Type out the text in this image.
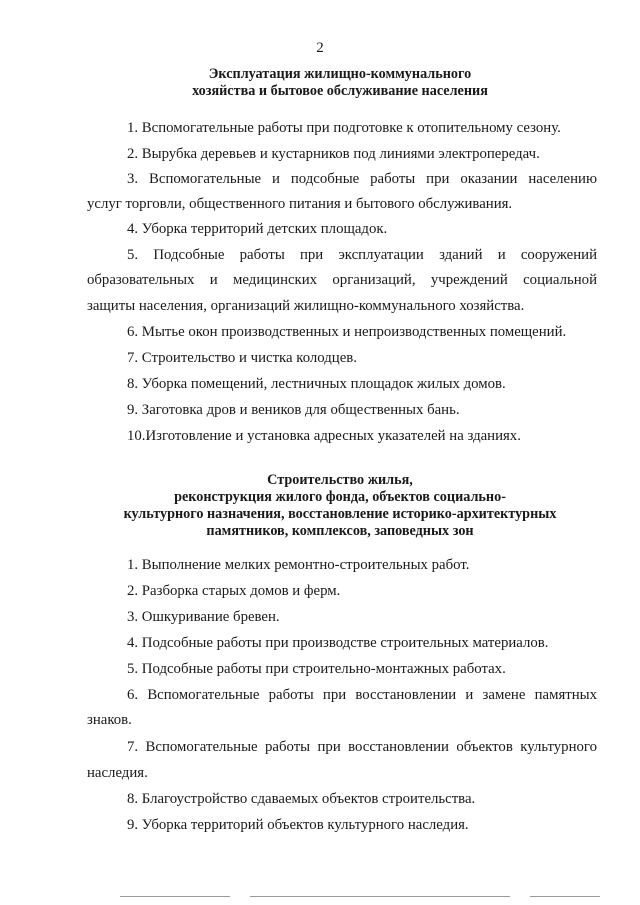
2
Эксплуатация жилищно-коммунального
хозяйства и бытовое обслуживание населения
1. Вспомогательные работы при подготовке к отопительному сезону.
2. Вырубка деревьев и кустарников под линиями электропередач.
3. Вспомогательные и подсобные работы при оказании населению
услуг торговли, общественного питания и бытового обслуживания.
4. Уборка территорий детских площадок.
5. Подсобные работы при эксплуатации зданий и сооружений
образовательных и медицинских организаций, учреждений социальной
защиты населения, организаций жилищно-коммунального хозяйства.
6. Мытье окон производственных и непроизводственных помещений.
7. Строительство и чистка колодцев.
8. Уборка помещений, лестничных площадок жилых домов.
9. Заготовка дров и веников для общественных бань.
10.Изготовление и установка адресных указателей на зданиях.
Строительство жилья,
реконструкция жилого фонда, объектов социально-
культурного назначения, восстановление историко-архитектурных
памятников, комплексов, заповедных зон
1. Выполнение мелких ремонтно-строительных работ.
2. Разборка старых домов и ферм.
3. Ошкуривание бревен.
4. Подсобные работы при производстве строительных материалов.
5. Подсобные работы при строительно-монтажных работах.
6. Вспомогательные работы при восстановлении и замене памятных
знаков.
7. Вспомогательные работы при восстановлении объектов культурного
наследия.
8. Благоустройство сдаваемых объектов строительства.
9. Уборка территорий объектов культурного наследия.
